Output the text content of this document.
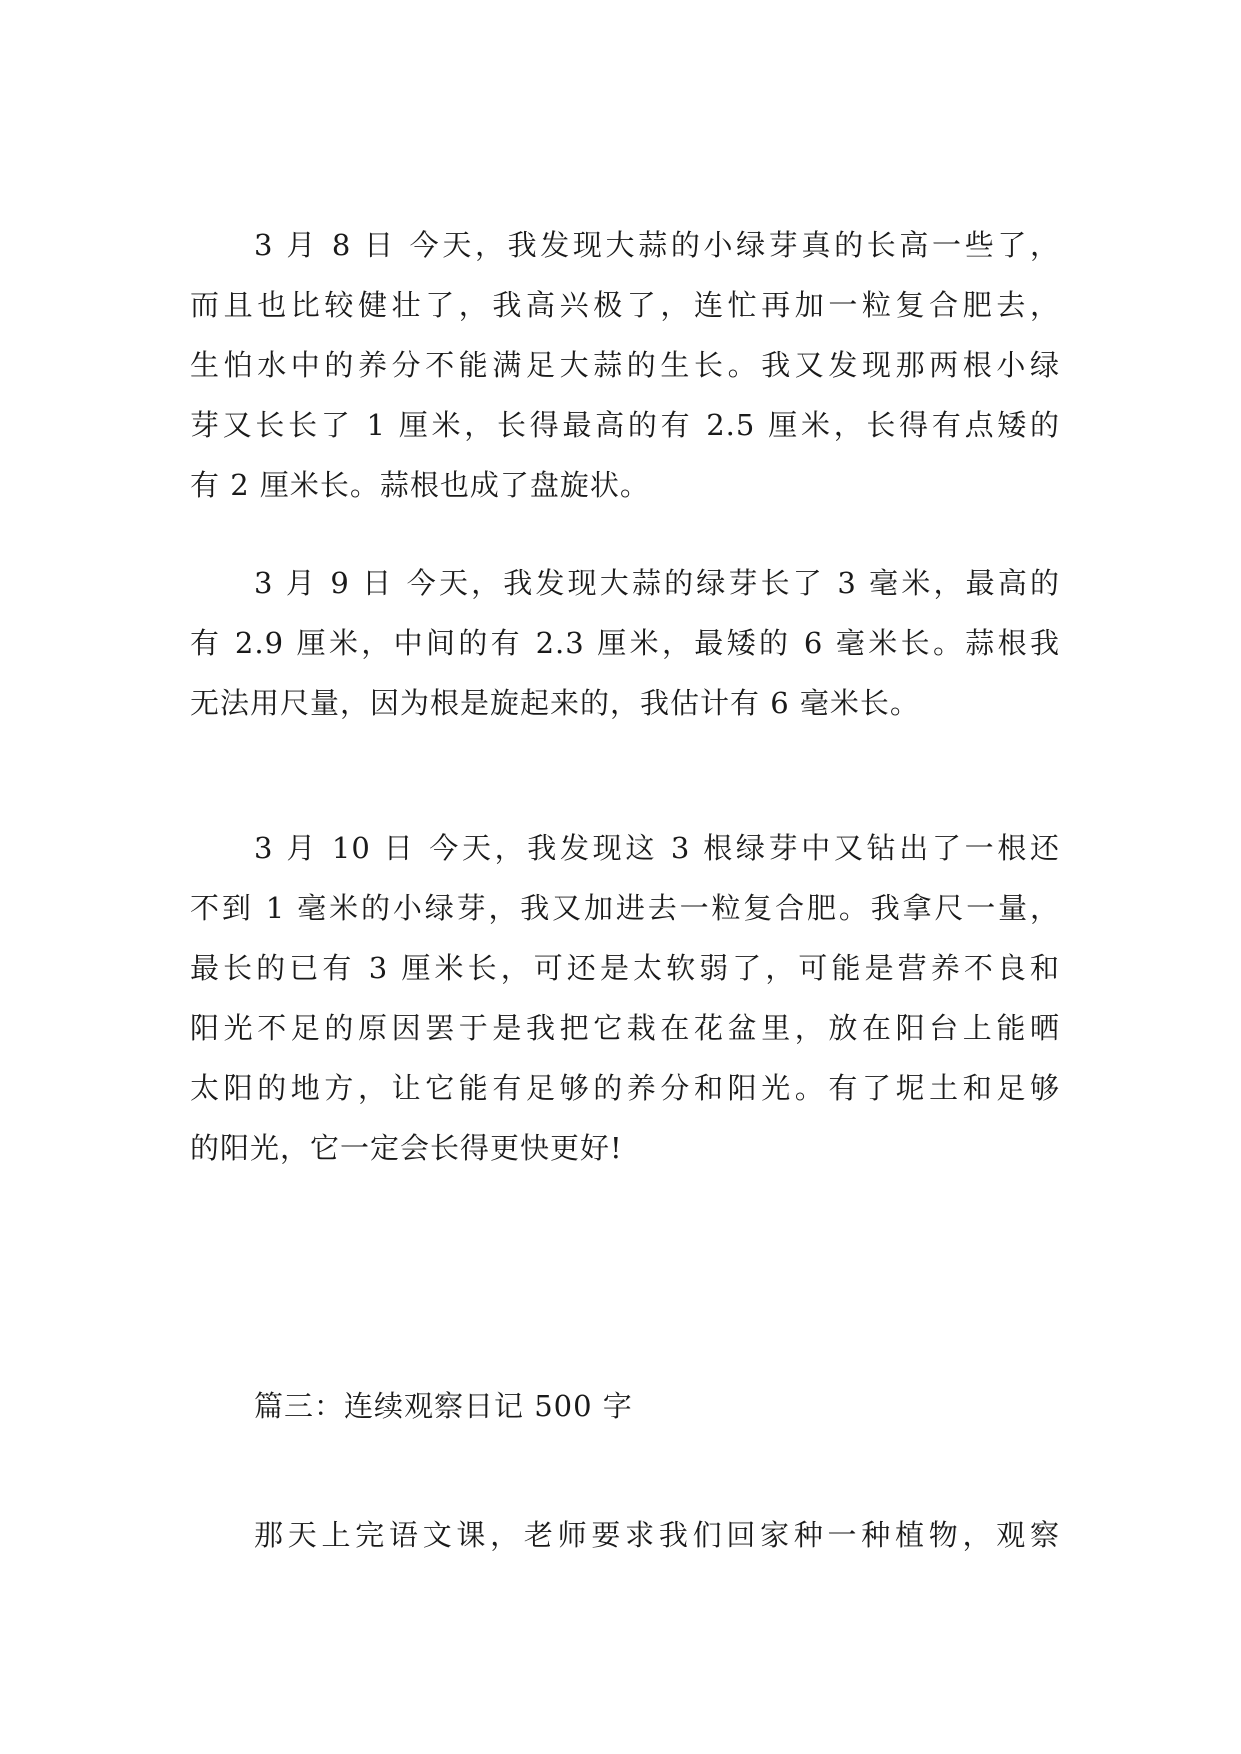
3 月 8 日 今天，我发现大蒜的小绿芽真的长高一些了，
而且也比较健壮了，我高兴极了，连忙再加一粒复合肥去，
生怕水中的养分不能满足大蒜的生长。我又发现那两根小绿
芽又长长了 1 厘米，长得最高的有 2.5 厘米，长得有点矮的
有 2 厘米长。蒜根也成了盘旋状。
3 月 9 日 今天，我发现大蒜的绿芽长了 3 毫米，最高的
有 2.9 厘米，中间的有 2.3 厘米，最矮的 6 毫米长。蒜根我
无法用尺量，因为根是旋起来的，我估计有 6 毫米长。
3 月 10 日 今天，我发现这 3 根绿芽中又钻出了一根还
不到 1 毫米的小绿芽，我又加进去一粒复合肥。我拿尺一量，
最长的已有 3 厘米长，可还是太软弱了，可能是营养不良和
阳光不足的原因罢于是我把它栽在花盆里，放在阳台上能晒
太阳的地方，让它能有足够的养分和阳光。有了坭土和足够
的阳光，它一定会长得更快更好!
篇三：连续观察日记 500 字
那天上完语文课，老师要求我们回家种一种植物，观察
